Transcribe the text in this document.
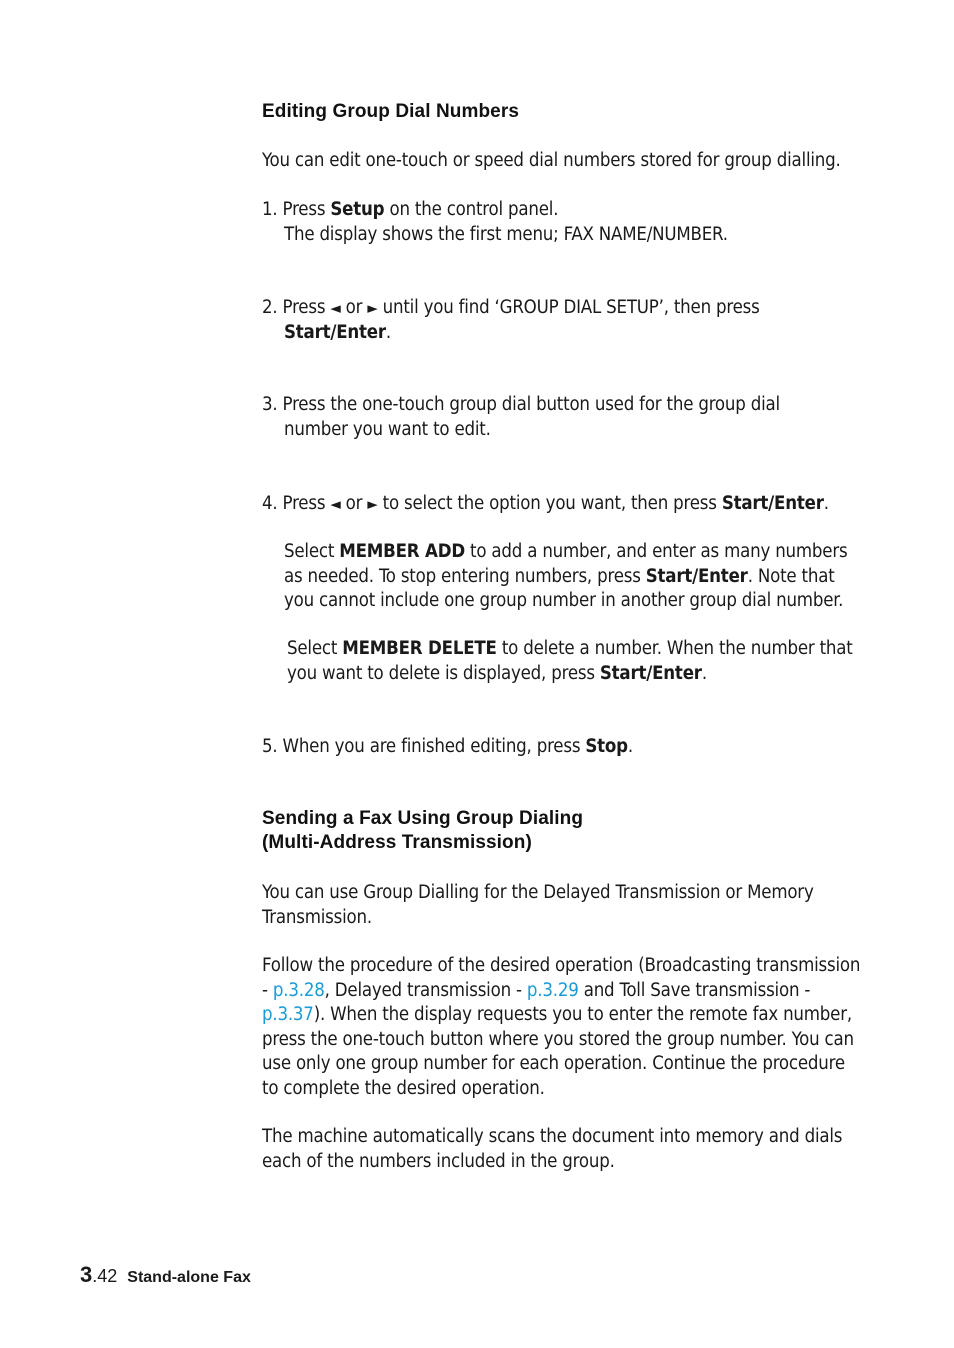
Editing Group Dial Numbers
You can edit one-touch or speed dial numbers stored for group dialling.
1. Press Setup on the control panel.
The display shows the first menu; FAX NAME/NUMBER.
2. Press ◄ or ► until you find ‘GROUP DIAL SETUP’, then press
Start/Enter.
3. Press the one-touch group dial button used for the group dial
number you want to edit.
4. Press ◄ or ► to select the option you want, then press Start/Enter.
Select MEMBER ADD to add a number, and enter as many numbers
as needed. To stop entering numbers, press Start/Enter. Note that
you cannot include one group number in another group dial number.
Select MEMBER DELETE to delete a number. When the number that
you want to delete is displayed, press Start/Enter.
5. When you are finished editing, press Stop.
Sending a Fax Using Group Dialing
(Multi-Address Transmission)
You can use Group Dialling for the Delayed Transmission or Memory
Transmission.
Follow the procedure of the desired operation (Broadcasting transmission
- p.3.28, Delayed transmission - p.3.29 and Toll Save transmission -
p.3.37). When the display requests you to enter the remote fax number,
press the one-touch button where you stored the group number. You can
use only one group number for each operation. Continue the procedure
to complete the desired operation.
The machine automatically scans the document into memory and dials
each of the numbers included in the group.
3.42 Stand-alone Fax
